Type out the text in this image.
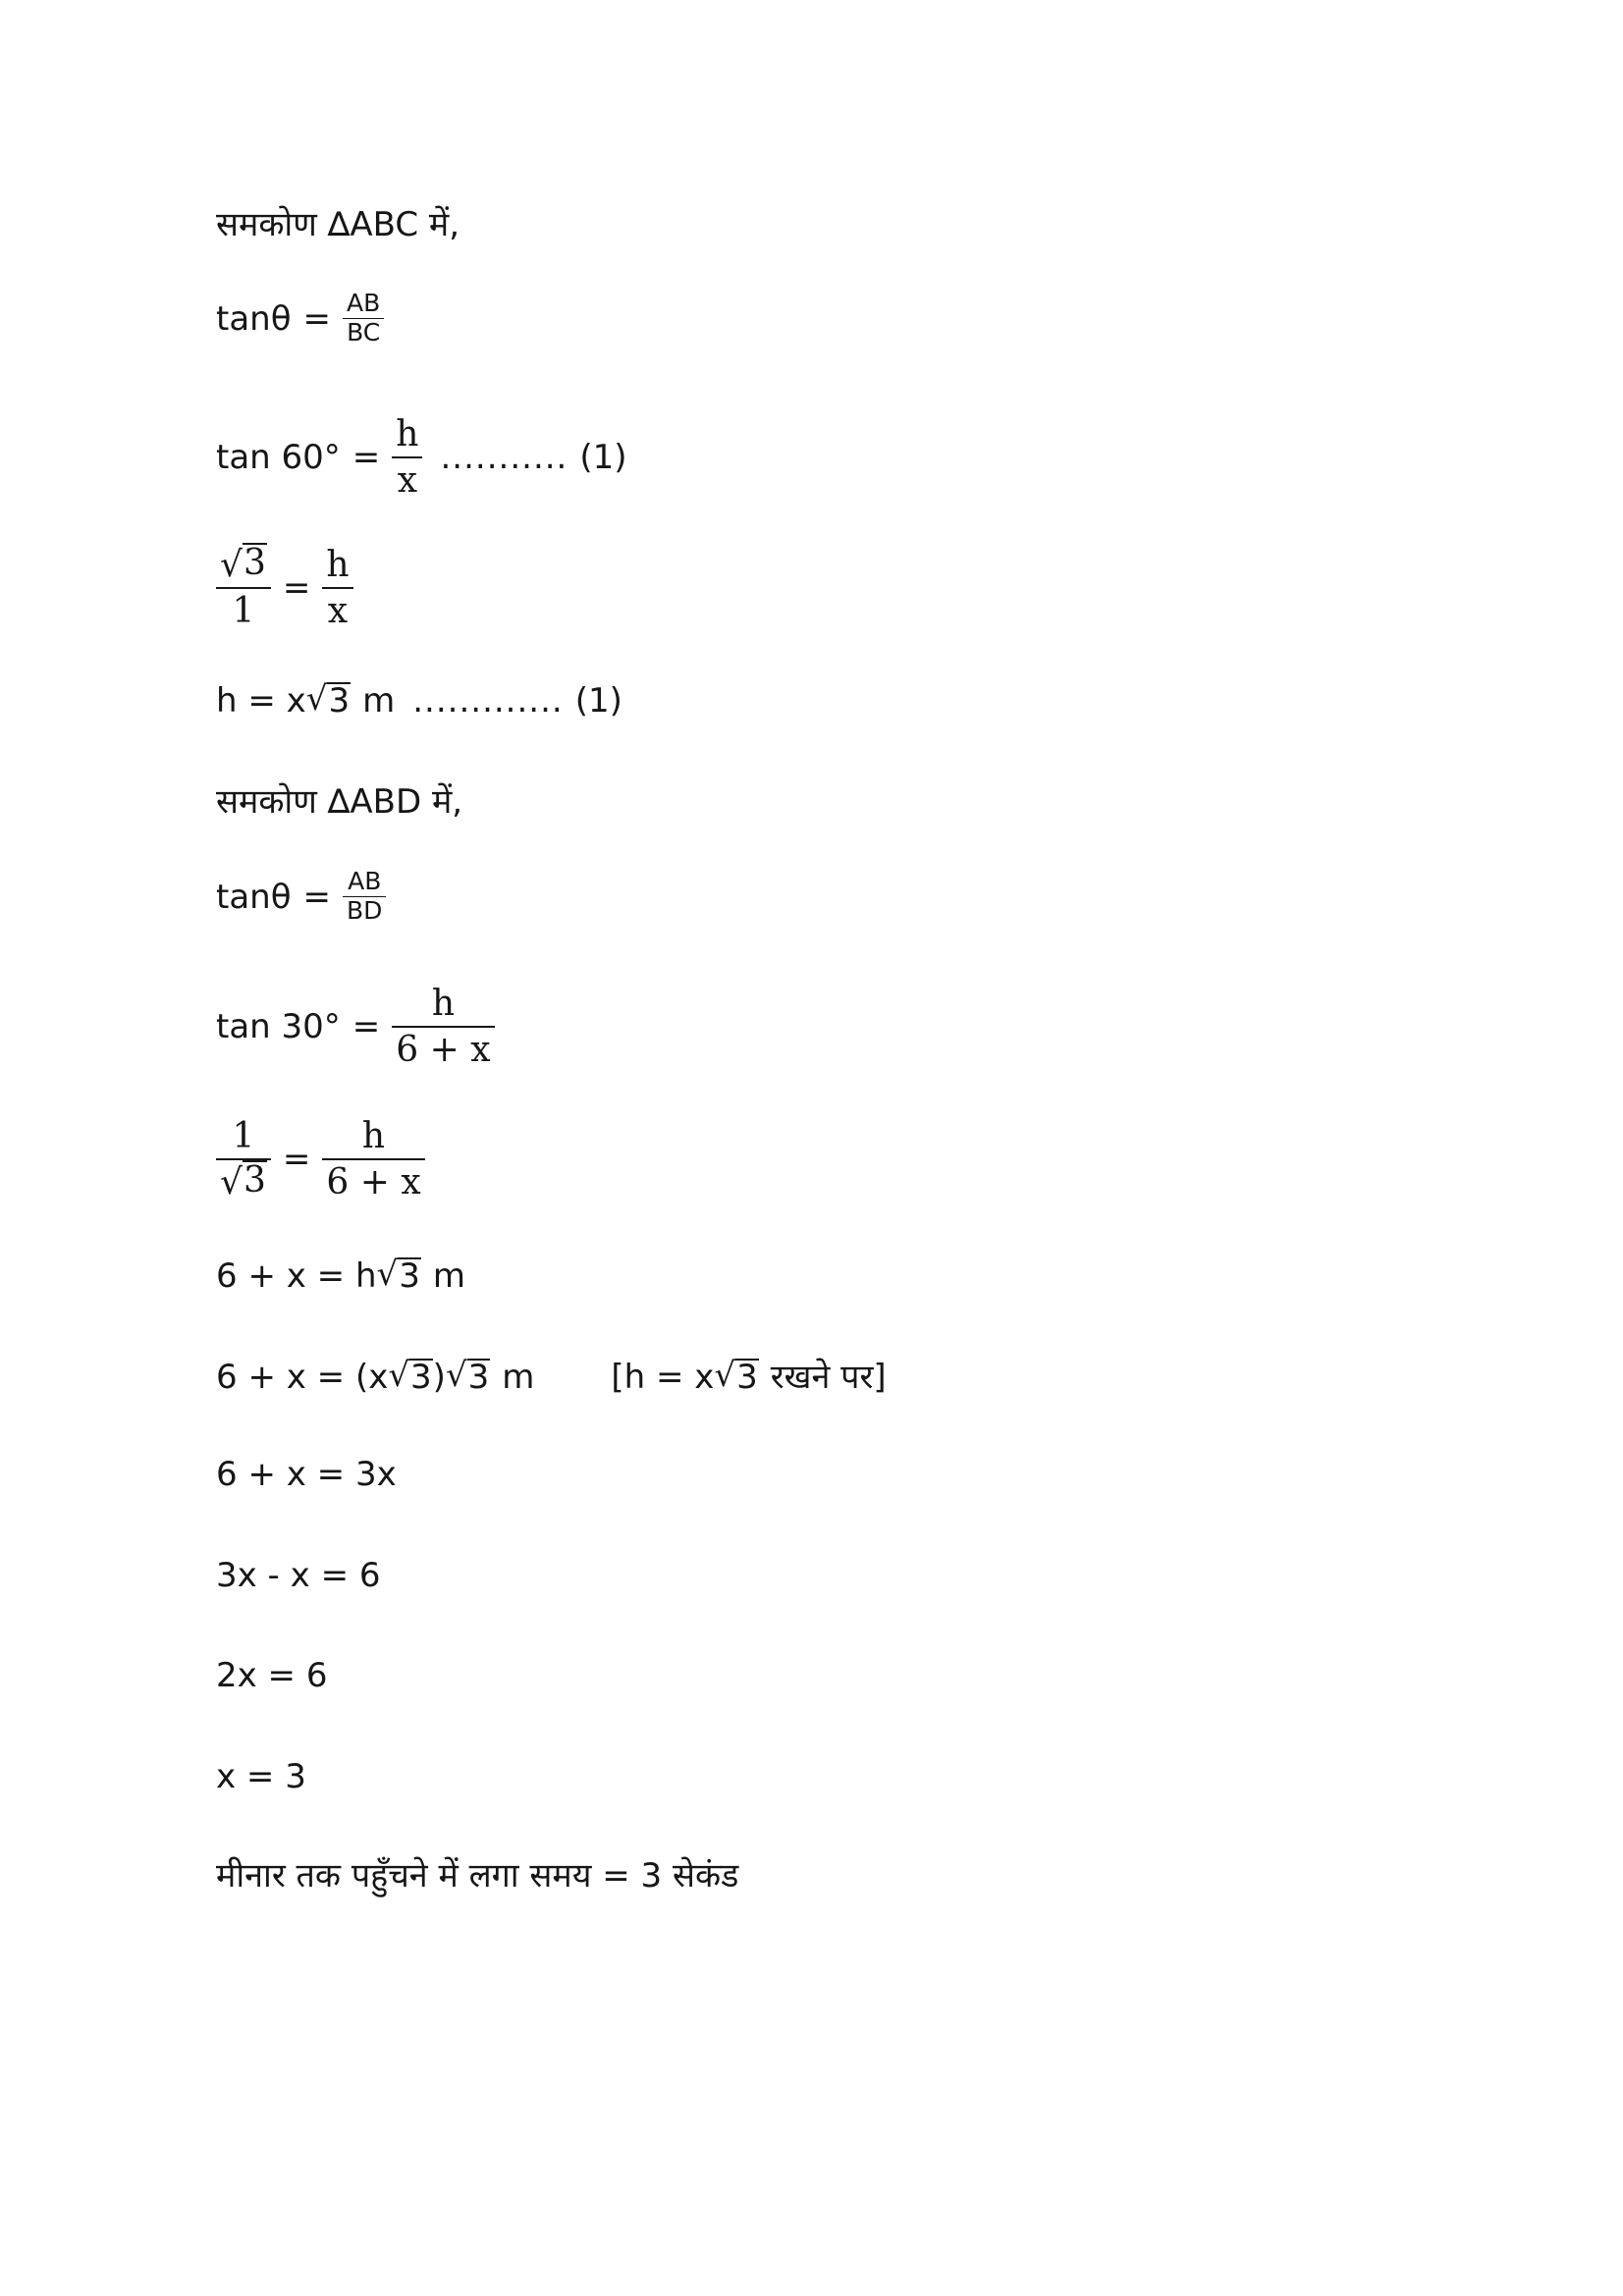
समकोण ∆ABC में,
$\tan\theta = \frac{AB}{BC}$
$\tan 60^\circ = \frac{h}{x}$ ........... (1)
$\frac{√ 3}{1} = \frac{h}{x}$
h = x √ 3 m ............. (1)
समकोण ∆ABD में,
$\tan\theta = \frac{AB}{BD}$
$\tan 30^\circ = \frac{h}{6 + x}$
$\frac{1}{√ 3} = \frac{h}{6 + x}$
6 + x = h √ 3 m
6 + x = (x √ 3 ) √ 3 m [h = x √ 3 रखने पर]
6 + x = 3x
3x - x = 6
2x = 6
x = 3
मीनार तक पहुँचने में लगा समय = 3 सेकंड
